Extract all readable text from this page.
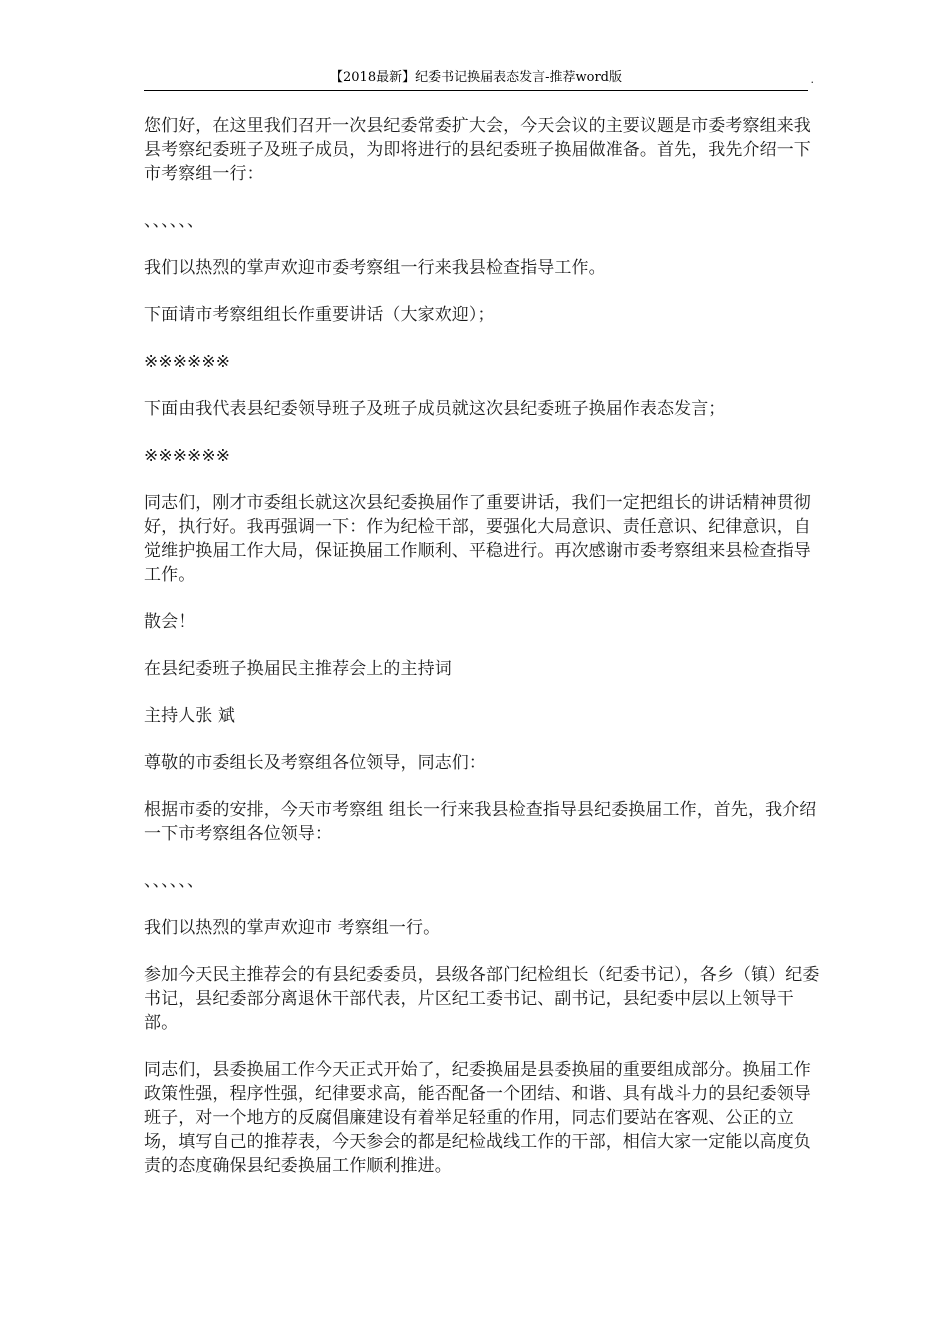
【2018最新】纪委书记换届表态发言-推荐word版	.

您们好，在这里我们召开一次县纪委常委扩大会，今天会议的主要议题是市委考察组来我县考察纪委班子及班子成员，为即将进行的县纪委班子换届做准备。首先，我先介绍一下市考察组一行：

、、、、、、

我们以热烈的掌声欢迎市委考察组一行来我县检查指导工作。

下面请市考察组组长作重要讲话（大家欢迎）；

※※※※※※

下面由我代表县纪委领导班子及班子成员就这次县纪委班子换届作表态发言；

※※※※※※

同志们，刚才市委组长就这次县纪委换届作了重要讲话，我们一定把组长的讲话精神贯彻好，执行好。我再强调一下：作为纪检干部，要强化大局意识、责任意识、纪律意识，自觉维护换届工作大局，保证换届工作顺利、平稳进行。再次感谢市委考察组来县检查指导工作。

散会！

在县纪委班子换届民主推荐会上的主持词

主持人张 斌

尊敬的市委组长及考察组各位领导，同志们：

根据市委的安排，今天市考察组 组长一行来我县检查指导县纪委换届工作，首先，我介绍一下市考察组各位领导：

、、、、、、

我们以热烈的掌声欢迎市 考察组一行。

参加今天民主推荐会的有县纪委委员，县级各部门纪检组长（纪委书记），各乡（镇）纪委书记，县纪委部分离退休干部代表，片区纪工委书记、副书记，县纪委中层以上领导干部。

同志们，县委换届工作今天正式开始了，纪委换届是县委换届的重要组成部分。换届工作政策性强，程序性强，纪律要求高，能否配备一个团结、和谐、具有战斗力的县纪委领导班子，对一个地方的反腐倡廉建设有着举足轻重的作用，同志们要站在客观、公正的立场，填写自己的推荐表，今天参会的都是纪检战线工作的干部，相信大家一定能以高度负责的态度确保县纪委换届工作顺利推进。
